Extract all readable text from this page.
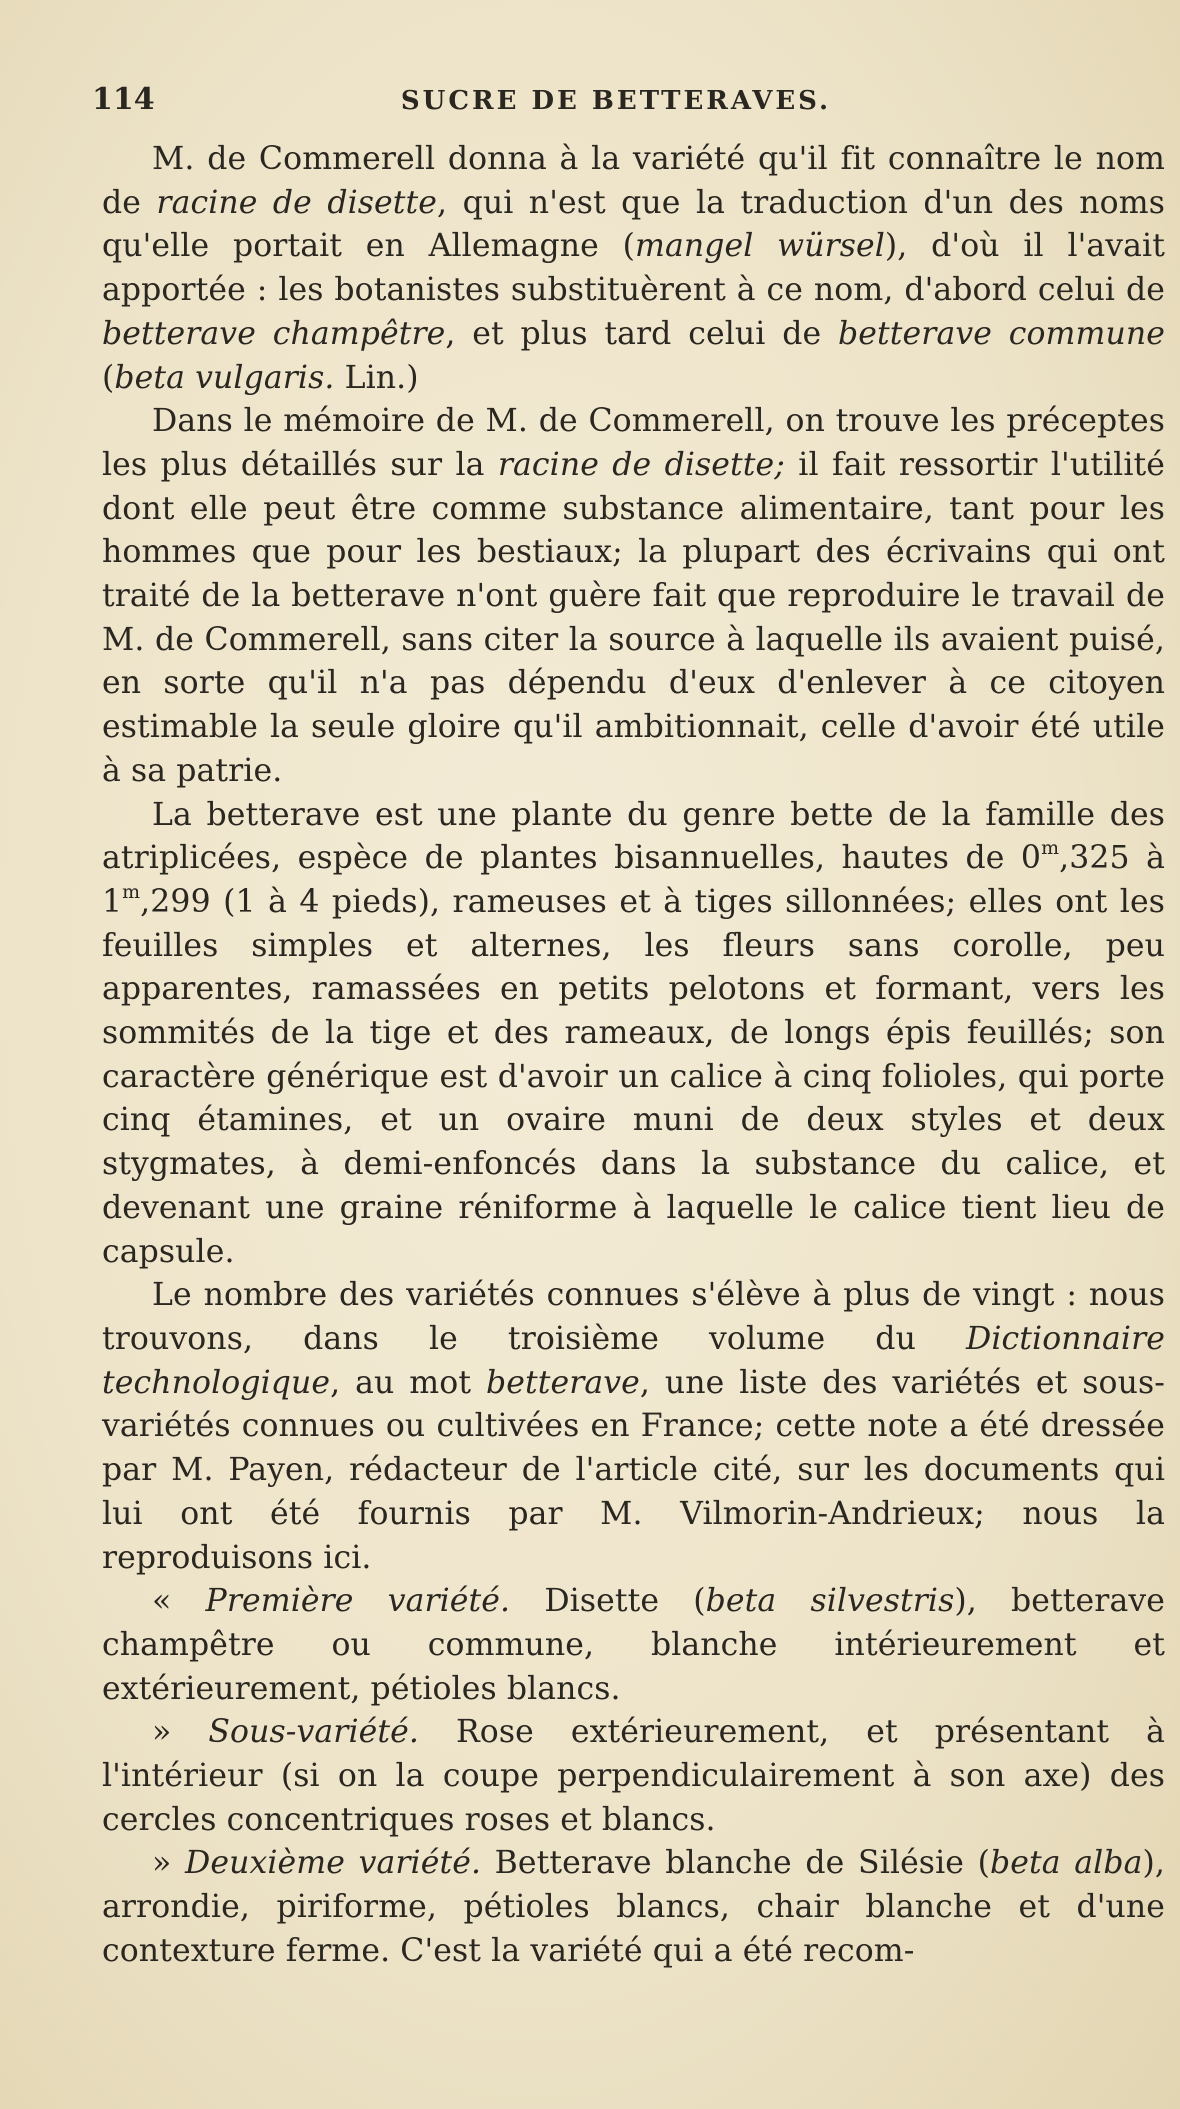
114	SUCRE DE BETTERAVES.

M. de Commerell donna à la variété qu'il fit connaître le nom de racine de disette, qui n'est que la traduction d'un des noms qu'elle portait en Allemagne (mangel würsel), d'où il l'avait apportée : les botanistes substituèrent à ce nom, d'abord celui de betterave champêtre, et plus tard celui de betterave commune (beta vulgaris. Lin.)

Dans le mémoire de M. de Commerell, on trouve les préceptes les plus détaillés sur la racine de disette; il fait ressortir l'utilité dont elle peut être comme substance alimentaire, tant pour les hommes que pour les bestiaux; la plupart des écrivains qui ont traité de la betterave n'ont guère fait que reproduire le travail de M. de Commerell, sans citer la source à laquelle ils avaient puisé, en sorte qu'il n'a pas dépendu d'eux d'enlever à ce citoyen estimable la seule gloire qu'il ambitionnait, celle d'avoir été utile à sa patrie.

La betterave est une plante du genre bette de la famille des atriplicées, espèce de plantes bisannuelles, hautes de 0$^m$,325 à 1$^m$,299 (1 à 4 pieds), rameuses et à tiges sillonnées; elles ont les feuilles simples et alternes, les fleurs sans corolle, peu apparentes, ramassées en petits pelotons et formant, vers les sommités de la tige et des rameaux, de longs épis feuillés; son caractère générique est d'avoir un calice à cinq folioles, qui porte cinq étamines, et un ovaire muni de deux styles et deux stygmates, à demi-enfoncés dans la substance du calice, et devenant une graine réniforme à laquelle le calice tient lieu de capsule.

Le nombre des variétés connues s'élève à plus de vingt : nous trouvons, dans le troisième volume du Dictionnaire technologique, au mot betterave, une liste des variétés et sous-variétés connues ou cultivées en France; cette note a été dressée par M. Payen, rédacteur de l'article cité, sur les documents qui lui ont été fournis par M. Vilmorin-Andrieux; nous la reproduisons ici.

« Première variété. Disette (beta silvestris), betterave champêtre ou commune, blanche intérieurement et extérieurement, pétioles blancs.

» Sous-variété. Rose extérieurement, et présentant à l'intérieur (si on la coupe perpendiculairement à son axe) des cercles concentriques roses et blancs.

» Deuxième variété. Betterave blanche de Silésie (beta alba), arrondie, piriforme, pétioles blancs, chair blanche et d'une contexture ferme. C'est la variété qui a été recom-
